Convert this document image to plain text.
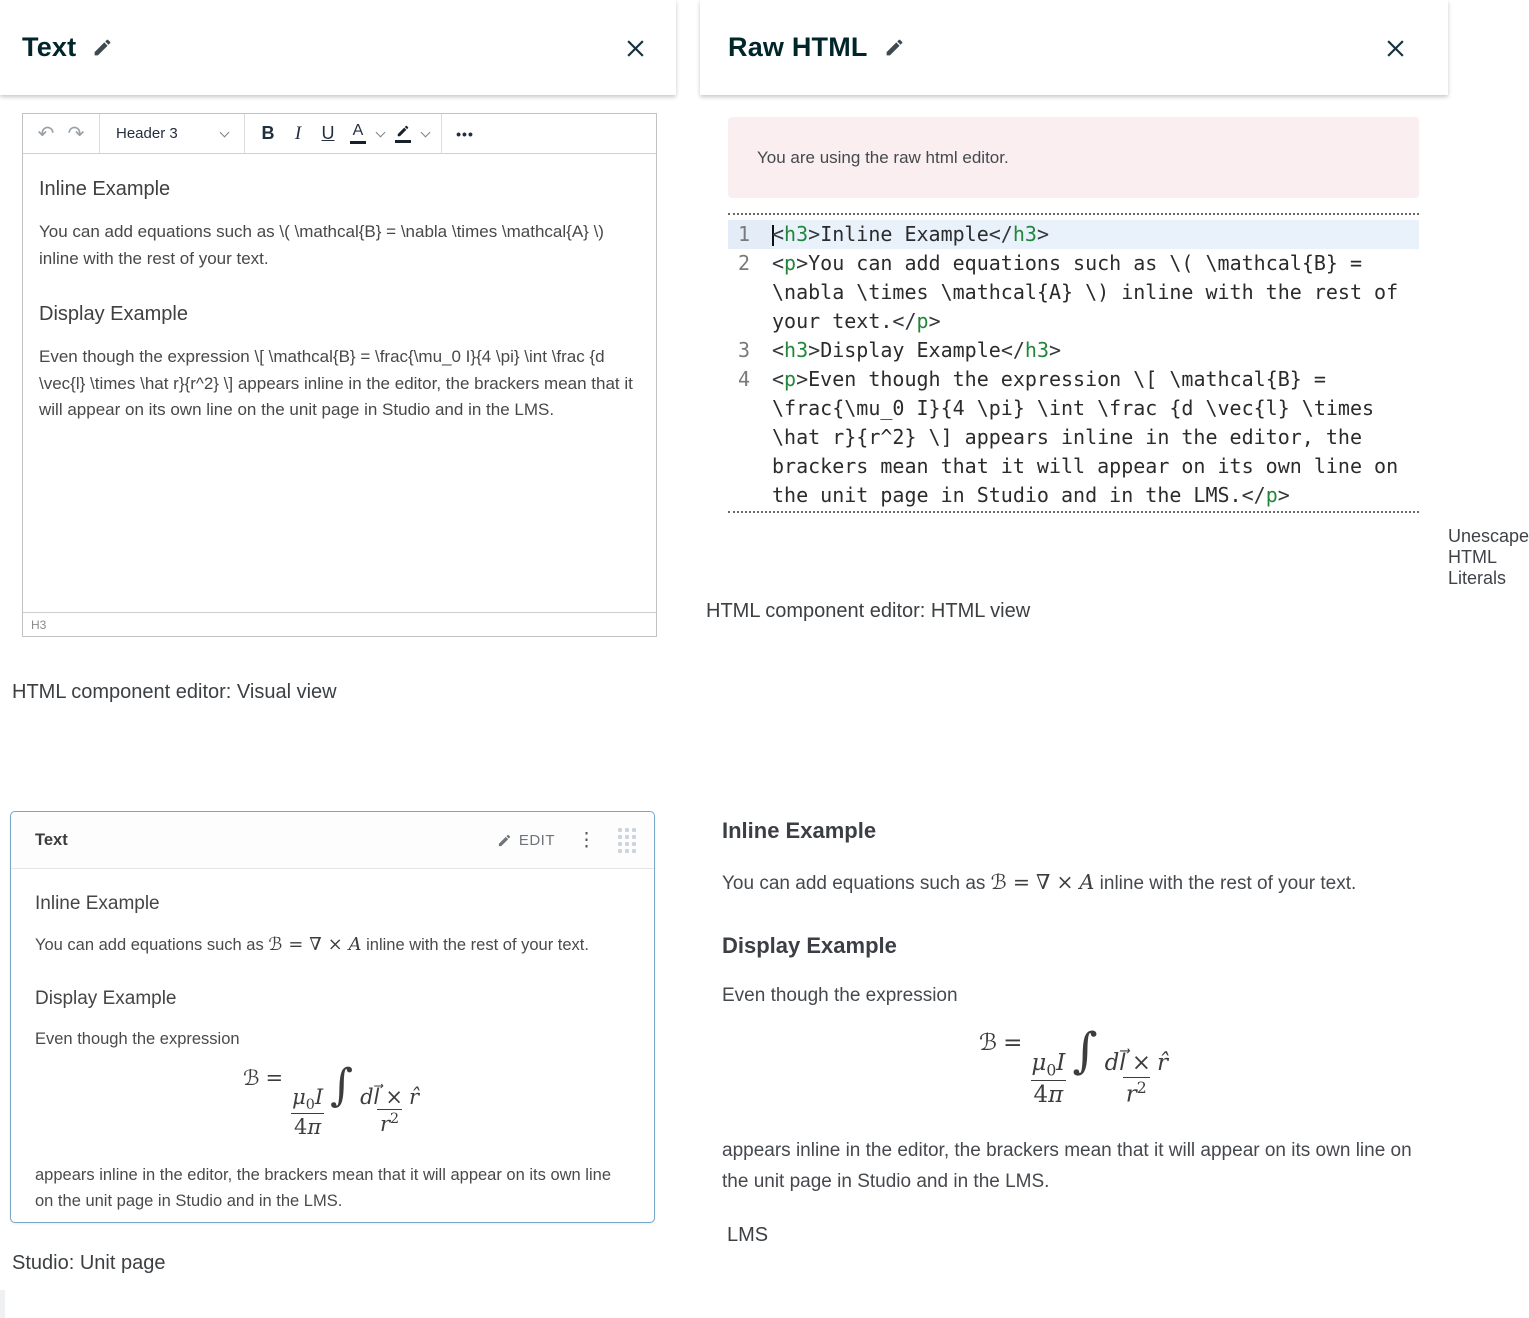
Text
↶ ↷	Header 3	B	I	U	A	•••
Inline Example

You can add equations such as \( \mathcal{B} = \nabla \times \mathcal{A} \) inline with the rest of your text.

Display Example

Even though the expression \[ \mathcal{B} = \frac{\mu_0 I}{4 \pi} \int \frac {d \vec{l} \times \hat r}{r^2} \] appears inline in the editor, the brackers mean that it will appear on its own line on the unit page in Studio and in the LMS.

H3
HTML component editor: Visual view
Raw HTML
You are using the raw html editor.
1	<h3>Inline Example</h3>
2	<p>You can add equations such as \( \mathcal{B} = \nabla \times \mathcal{A} \) inline with the rest of your text.</p>
3	<h3>Display Example</h3>
4	<p>Even though the expression \[ \mathcal{B} = \frac{\mu_0 I}{4 \pi} \int \frac {d \vec{l} \times \hat r}{r^2} \] appears inline in the editor, the brackers mean that it will appear on its own line on the unit page in Studio and in the LMS.</p>
Unescape HTML Literals
HTML component editor: HTML view
Text	EDIT ⋮
Inline Example

You can add equations such as ℬ = ∇ × A inline with the rest of your text.

Display Example

Even though the expression

ℬ =
$\frac{\mu_0I}{4\pi}$ ∫ $\frac{dl⃗ \times r̂}{r^2}$

appears inline in the editor, the brackers mean that it will appear on its own line on the unit page in Studio and in the LMS.

Studio: Unit page
Inline Example

You can add equations such as ℬ = ∇ × A inline with the rest of your text.

Display Example

Even though the expression

ℬ =
$\frac{\mu_0I}{4\pi}$ ∫ $\frac{dl⃗ \times r̂}{r^2}$

appears inline in the editor, the brackers mean that it will appear on its own line on the unit page in Studio and in the LMS.

LMS
